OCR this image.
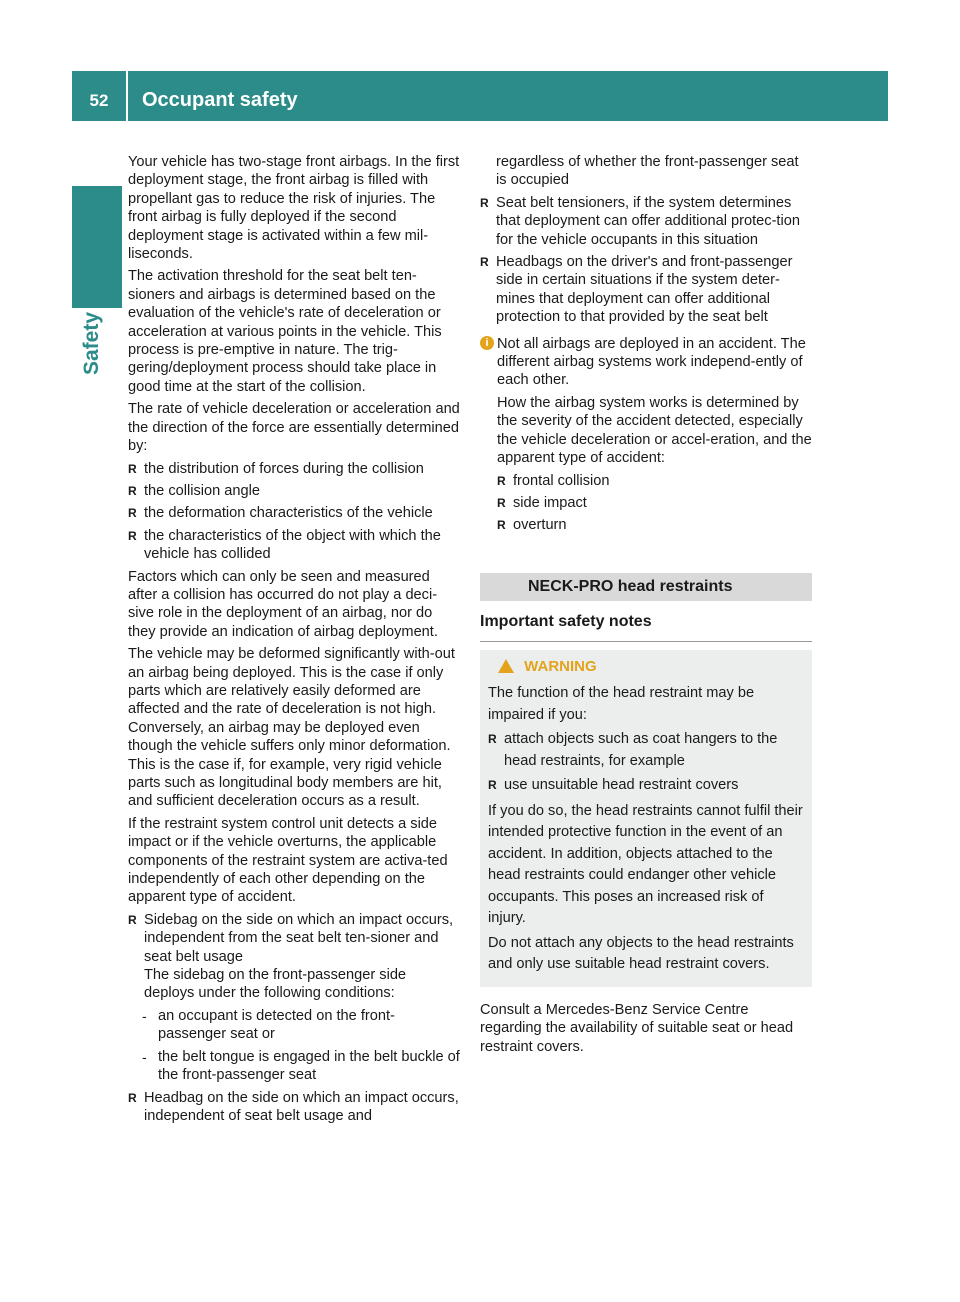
52	Occupant safety
Safety

Your vehicle has two-stage front airbags. In the first deployment stage, the front airbag is filled with propellant gas to reduce the risk of injuries. The front airbag is fully deployed if the second deployment stage is activated within a few mil-liseconds.

The activation threshold for the seat belt ten-sioners and airbags is determined based on the evaluation of the vehicle's rate of deceleration or acceleration at various points in the vehicle. This process is pre-emptive in nature. The trig-gering/deployment process should take place in good time at the start of the collision.

The rate of vehicle deceleration or acceleration and the direction of the force are essentially determined by:

R the distribution of forces during the collision
R the collision angle
R the deformation characteristics of the vehicle
R the characteristics of the object with which the vehicle has collided

Factors which can only be seen and measured after a collision has occurred do not play a deci-sive role in the deployment of an airbag, nor do they provide an indication of airbag deployment.

The vehicle may be deformed significantly with-out an airbag being deployed. This is the case if only parts which are relatively easily deformed are affected and the rate of deceleration is not high. Conversely, an airbag may be deployed even though the vehicle suffers only minor deformation. This is the case if, for example, very rigid vehicle parts such as longitudinal body members are hit, and sufficient deceleration occurs as a result.

If the restraint system control unit detects a side impact or if the vehicle overturns, the applicable components of the restraint system are activa-ted independently of each other depending on the apparent type of accident.

R Sidebag on the side on which an impact occurs, independent from the seat belt ten-sioner and seat belt usage
The sidebag on the front-passenger side deploys under the following conditions:
- an occupant is detected on the front-passenger seat or
- the belt tongue is engaged in the belt buckle of the front-passenger seat
R Headbag on the side on which an impact occurs, independent of seat belt usage and

regardless of whether the front-passenger seat is occupied

R Seat belt tensioners, if the system determines that deployment can offer additional protec-tion for the vehicle occupants in this situation
R Headbags on the driver's and front-passenger side in certain situations if the system deter-mines that deployment can offer additional protection to that provided by the seat belt
i Not all airbags are deployed in an accident. The different airbag systems work independ-ently of each other.

How the airbag system works is determined by the severity of the accident detected, especially the vehicle deceleration or accel-eration, and the apparent type of accident:

R frontal collision
R side impact
R overturn
NECK-PRO head restraints
Important safety notes
WARNING

The function of the head restraint may be impaired if you:

R attach objects such as coat hangers to the head restraints, for example
R use unsuitable head restraint covers

If you do so, the head restraints cannot fulfil their intended protective function in the event of an accident. In addition, objects attached to the head restraints could endanger other vehicle occupants. This poses an increased risk of injury.

Do not attach any objects to the head restraints and only use suitable head restraint covers.

Consult a Mercedes-Benz Service Centre regarding the availability of suitable seat or head restraint covers.
